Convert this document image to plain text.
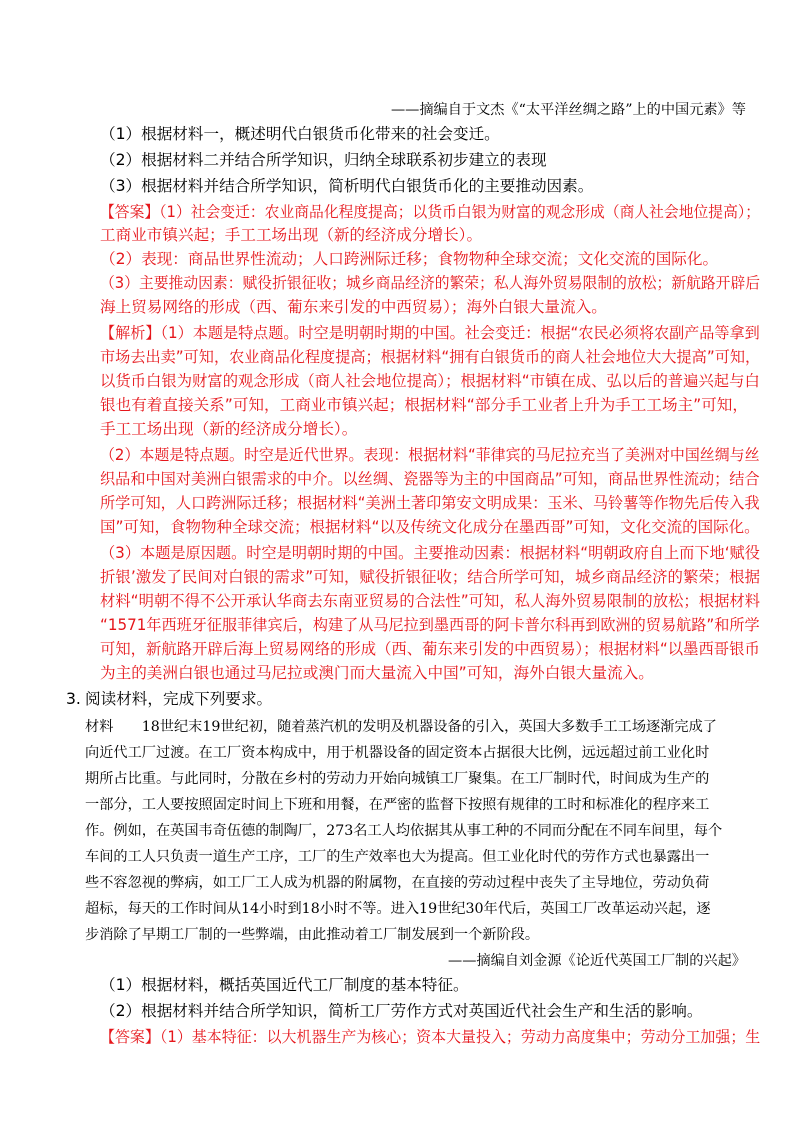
——摘编自于文杰《“太平洋丝绸之路”上的中国元素》等
（1）根据材料一，概述明代白银货币化带来的社会变迁。
（2）根据材料二并结合所学知识，归纳全球联系初步建立的表现
（3）根据材料并结合所学知识，简析明代白银货币化的主要推动因素。
【答案】（1）社会变迁：农业商品化程度提高；以货币白银为财富的观念形成（商人社会地位提高）；
工商业市镇兴起；手工工场出现（新的经济成分增长）。
（2）表现：商品世界性流动；人口跨洲际迁移；食物物种全球交流；文化交流的国际化。
（3）主要推动因素：赋役折银征收；城乡商品经济的繁荣；私人海外贸易限制的放松；新航路开辟后
海上贸易网络的形成（西、葡东来引发的中西贸易）；海外白银大量流入。
【解析】（1）本题是特点题。时空是明朝时期的中国。社会变迁：根据“农民必须将农副产品等拿到
市场去出卖”可知，农业商品化程度提高；根据材料“拥有白银货币的商人社会地位大大提高”可知，
以货币白银为财富的观念形成（商人社会地位提高）；根据材料“市镇在成、弘以后的普遍兴起与白
银也有着直接关系”可知，工商业市镇兴起；根据材料“部分手工业者上升为手工工场主”可知，
手工工场出现（新的经济成分增长）。
（2）本题是特点题。时空是近代世界。表现：根据材料“菲律宾的马尼拉充当了美洲对中国丝绸与丝
织品和中国对美洲白银需求的中介。以丝绸、瓷器等为主的中国商品”可知，商品世界性流动；结合
所学可知，人口跨洲际迁移；根据材料“美洲土著印第安文明成果：玉米、马铃薯等作物先后传入我
国”可知，食物物种全球交流；根据材料“以及传统文化成分在墨西哥”可知，文化交流的国际化。
（3）本题是原因题。时空是明朝时期的中国。主要推动因素：根据材料“明朝政府自上而下地‘赋役
折银’激发了民间对白银的需求”可知，赋役折银征收；结合所学可知，城乡商品经济的繁荣；根据
材料“明朝不得不公开承认华商去东南亚贸易的合法性”可知，私人海外贸易限制的放松；根据材料
“1571年西班牙征服菲律宾后，构建了从马尼拉到墨西哥的阿卡普尔科再到欧洲的贸易航路”和所学
可知，新航路开辟后海上贸易网络的形成（西、葡东来引发的中西贸易）；根据材料“以墨西哥银币
为主的美洲白银也通过马尼拉或澳门而大量流入中国”可知，海外白银大量流入。
3. 阅读材料，完成下列要求。
材料　　18世纪末19世纪初，随着蒸汽机的发明及机器设备的引入，英国大多数手工工场逐渐完成了
向近代工厂过渡。在工厂资本构成中，用于机器设备的固定资本占据很大比例，远远超过前工业化时
期所占比重。与此同时，分散在乡村的劳动力开始向城镇工厂聚集。在工厂制时代，时间成为生产的
一部分，工人要按照固定时间上下班和用餐，在严密的监督下按照有规律的工时和标准化的程序来工
作。例如，在英国韦奇伍德的制陶厂，273名工人均依据其从事工种的不同而分配在不同车间里，每个
车间的工人只负责一道生产工序，工厂的生产效率也大为提高。但工业化时代的劳作方式也暴露出一
些不容忽视的弊病，如工厂工人成为机器的附属物，在直接的劳动过程中丧失了主导地位，劳动负荷
超标，每天的工作时间从14小时到18小时不等。进入19世纪30年代后，英国工厂改革运动兴起，逐
步消除了早期工厂制的一些弊端，由此推动着工厂制发展到一个新阶段。
——摘编自刘金源《论近代英国工厂制的兴起》
（1）根据材料，概括英国近代工厂制度的基本特征。
（2）根据材料并结合所学知识，简析工厂劳作方式对英国近代社会生产和生活的影响。
【答案】（1）基本特征：以大机器生产为核心；资本大量投入；劳动力高度集中；劳动分工加强；生
